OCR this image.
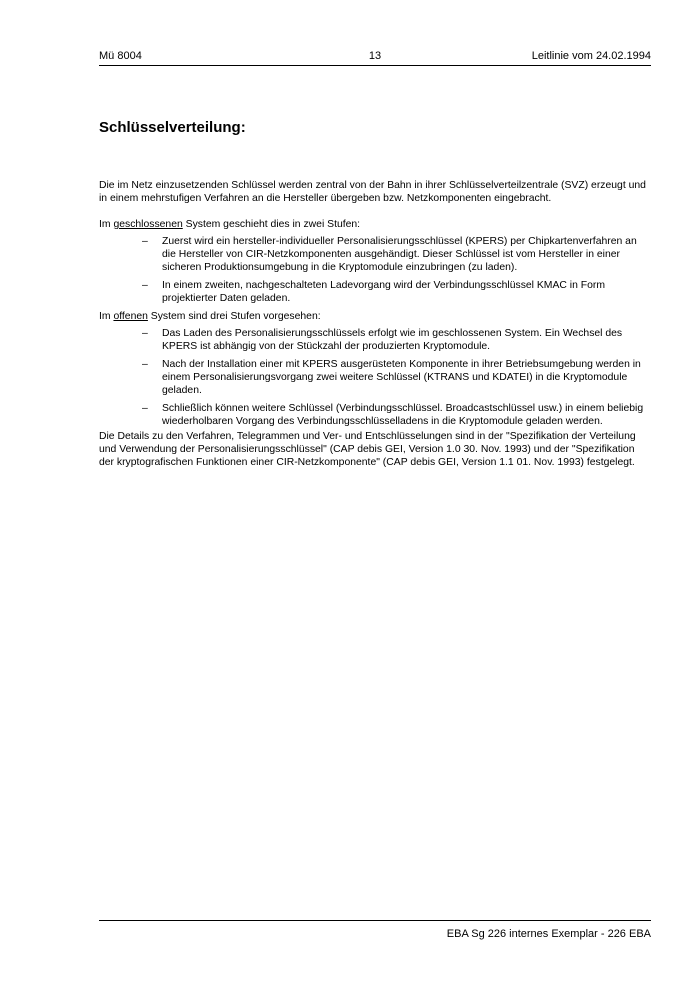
Mü 8004	13	Leitlinie vom 24.02.1994
Schlüsselverteilung:

Die im Netz einzusetzenden Schlüssel werden zentral von der Bahn in ihrer Schlüsselverteilzentrale (SVZ) erzeugt und in einem mehrstufigen Verfahren an die Hersteller übergeben bzw. Netzkomponenten eingebracht.

Im geschlossenen System geschieht dies in zwei Stufen:

– Zuerst wird ein hersteller-individueller Personalisierungsschlüssel (KPERS) per Chipkartenverfahren an die Hersteller von CIR-Netzkomponenten ausgehändigt. Dieser Schlüssel ist vom Hersteller in einer sicheren Produktionsumgebung in die Kryptomodule einzubringen (zu laden).
– In einem zweiten, nachgeschalteten Ladevorgang wird der Verbindungsschlüssel KMAC in Form projektierter Daten geladen.

Im offenen System sind drei Stufen vorgesehen:

– Das Laden des Personalisierungsschlüssels erfolgt wie im geschlossenen System. Ein Wechsel des KPERS ist abhängig von der Stückzahl der produzierten Kryptomodule.
– Nach der Installation einer mit KPERS ausgerüsteten Komponente in ihrer Betriebsumgebung werden in einem Personalisierungsvorgang zwei weitere Schlüssel (KTRANS und KDATEI) in die Kryptomodule geladen.
– Schließlich können weitere Schlüssel (Verbindungsschlüssel. Broadcastschlüssel usw.) in einem beliebig wiederholbaren Vorgang des Verbindungsschlüsselladens in die Kryptomodule geladen werden.

Die Details zu den Verfahren, Telegrammen und Ver- und Entschlüsselungen sind in der "Spezifikation der Verteilung und Verwendung der Personalisierungsschlüssel" (CAP debis GEI, Version 1.0 30. Nov. 1993) und der "Spezifikation der kryptografischen Funktionen einer CIR-Netzkomponente" (CAP debis GEI, Version 1.1 01. Nov. 1993) festgelegt.

EBA Sg 226 internes Exemplar - 226 EBA
